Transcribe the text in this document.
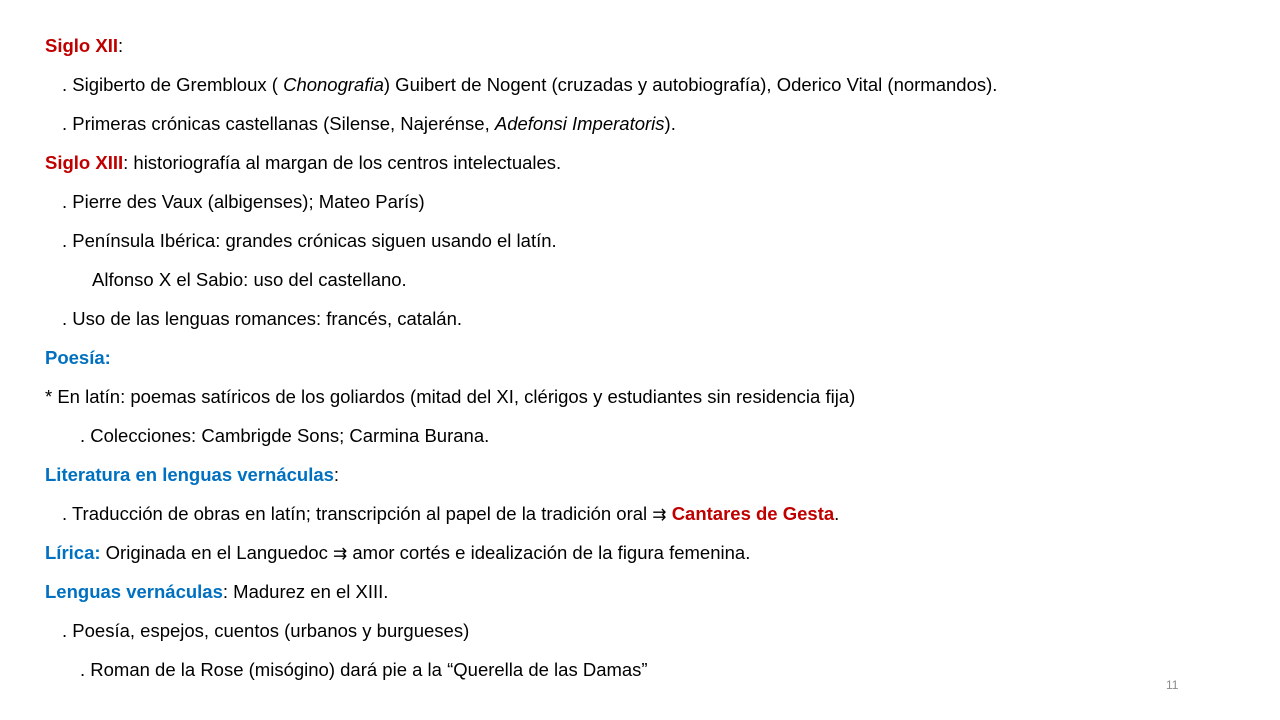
Siglo XII:
. Sigiberto de Grembloux ( Chonografia) Guibert de Nogent (cruzadas y autobiografía), Oderico Vital (normandos).
. Primeras crónicas castellanas (Silense, Najerénse, Adefonsi Imperatoris).
Siglo XIII: historiografía al margan de los centros intelectuales.
. Pierre des Vaux (albigenses); Mateo París)
. Península Ibérica: grandes crónicas siguen usando el latín.
Alfonso X el Sabio: uso del castellano.
. Uso de las lenguas romances: francés, catalán.
Poesía:
* En latín: poemas satíricos de los goliardos (mitad del XI, clérigos y estudiantes sin residencia fija)
. Colecciones: Cambrigde Sons; Carmina Burana.
Literatura en lenguas vernáculas:
. Traducción de obras en latín; transcripción al papel de la tradición oral ⇉ Cantares de Gesta.
Lírica: Originada en el Languedoc ⇉ amor cortés e idealización de la figura femenina.
Lenguas vernáculas: Madurez en el XIII.
. Poesía, espejos, cuentos (urbanos y burgueses)
. Roman de la Rose (misógino) dará pie a la “Querella de las Damas”
11
